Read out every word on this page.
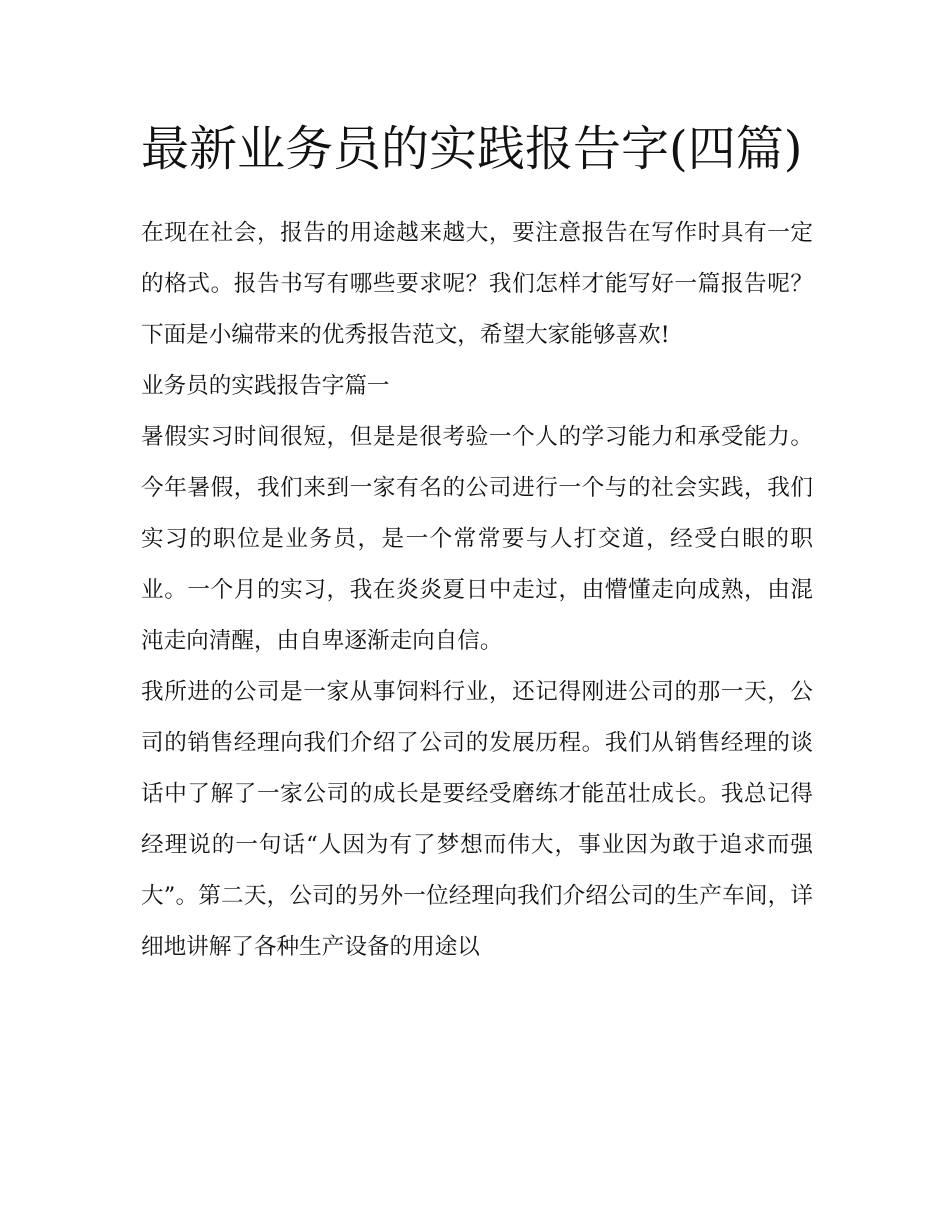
最新业务员的实践报告字(四篇)

在现在社会，报告的用途越来越大，要注意报告在写作时具有一定的格式。报告书写有哪些要求呢？我们怎样才能写好一篇报告呢？下面是小编带来的优秀报告范文，希望大家能够喜欢!

业务员的实践报告字篇一

暑假实习时间很短，但是是很考验一个人的学习能力和承受能力。今年暑假，我们来到一家有名的公司进行一个与的社会实践，我们实习的职位是业务员，是一个常常要与人打交道，经受白眼的职业。一个月的实习，我在炎炎夏日中走过，由懵懂走向成熟，由混沌走向清醒，由自卑逐渐走向自信。

我所进的公司是一家从事饲料行业，还记得刚进公司的那一天，公司的销售经理向我们介绍了公司的发展历程。我们从销售经理的谈话中了解了一家公司的成长是要经受磨练才能茁壮成长。我总记得经理说的一句话“人因为有了梦想而伟大，事业因为敢于追求而强大”。第二天，公司的另外一位经理向我们介绍公司的生产车间，详细地讲解了各种生产设备的用途以
